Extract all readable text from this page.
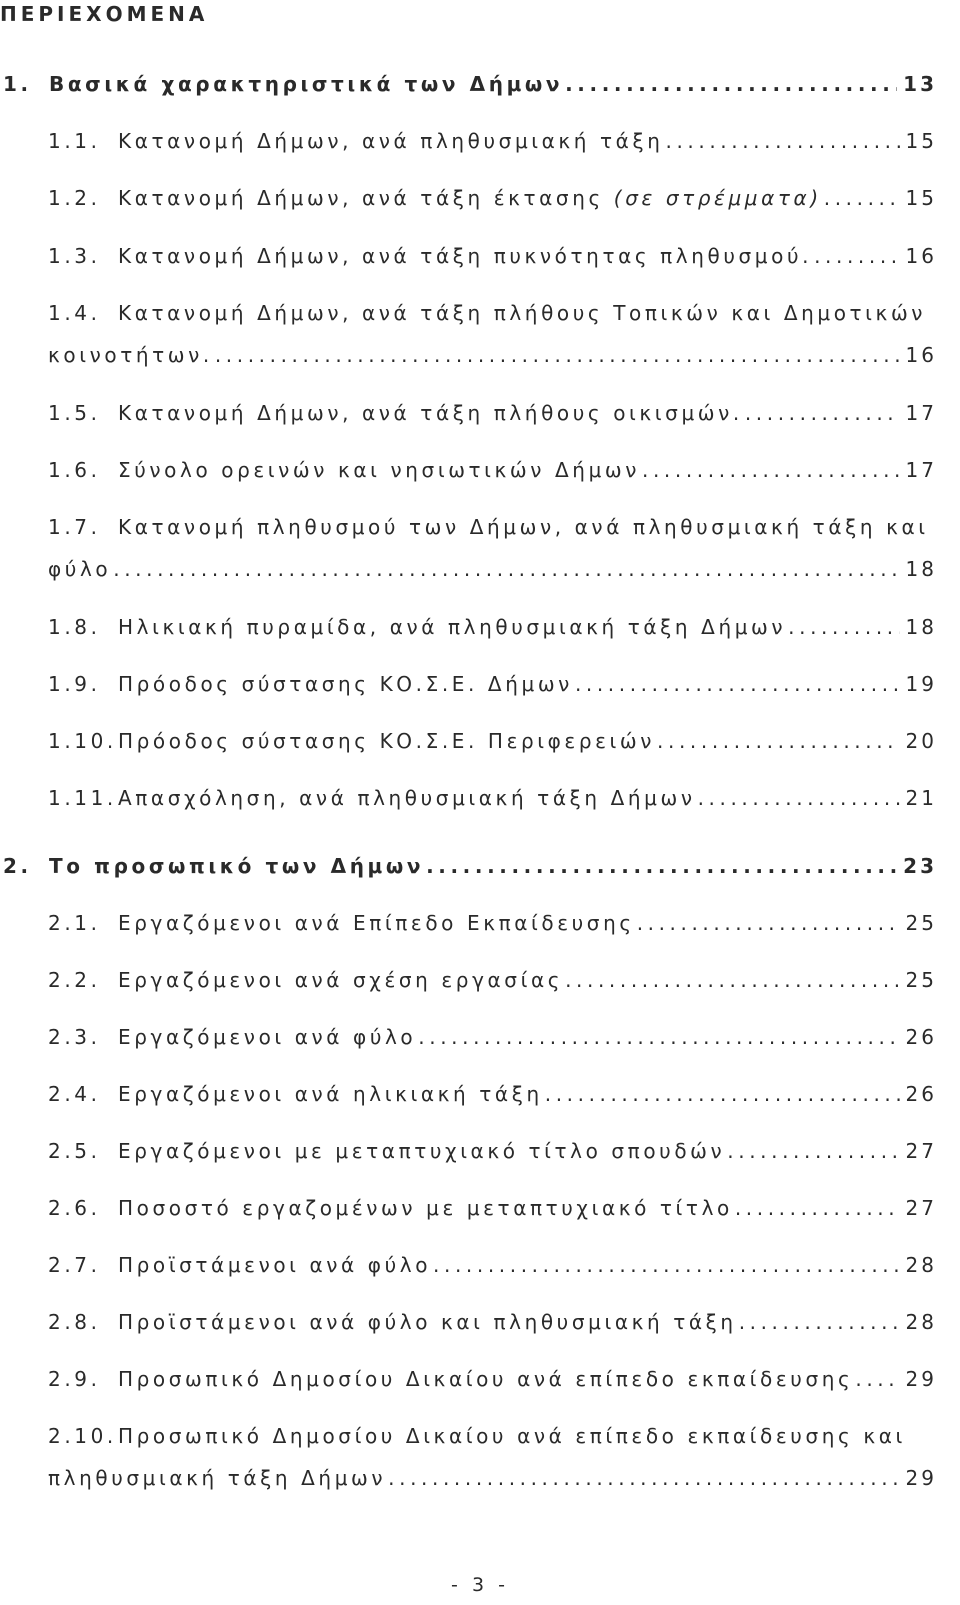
ΠΕΡΙΕΧΟΜΕΝΑ
1. Βασικά χαρακτηριστικά των Δήμων .....	13
1.1. Κατανομή Δήμων, ανά πληθυσμιακή τάξη .....	15
1.2. Κατανομή Δήμων, ανά τάξη έκτασης (σε στρέμματα) .....	15
1.3. Κατανομή Δήμων, ανά τάξη πυκνότητας πληθυσμού. .....	16
1.4. Κατανομή Δήμων, ανά τάξη πλήθους Τοπικών και Δημοτικών
κοινοτήτων. .....	16
1.5. Κατανομή Δήμων, ανά τάξη πλήθους οικισμών. .....	17
1.6. Σύνολο ορεινών και νησιωτικών Δήμων .....	17
1.7. Κατανομή πληθυσμού των Δήμων, ανά πληθυσμιακή τάξη και
φύλο .....	18
1.8. Ηλικιακή πυραμίδα, ανά πληθυσμιακή τάξη Δήμων .....	18
1.9. Πρόοδος σύστασης ΚΟ.Σ.Ε. Δήμων .....	19
1.10. Πρόοδος σύστασης ΚΟ.Σ.Ε. Περιφερειών .....	20
1.11. Απασχόληση, ανά πληθυσμιακή τάξη Δήμων .....	21
2. Το προσωπικό των Δήμων .....	23
2.1. Εργαζόμενοι ανά Επίπεδο Εκπαίδευσης .....	25
2.2. Εργαζόμενοι ανά σχέση εργασίας .....	25
2.3. Εργαζόμενοι ανά φύλο .....	26
2.4. Εργαζόμενοι ανά ηλικιακή τάξη .....	26
2.5. Εργαζόμενοι με μεταπτυχιακό τίτλο σπουδών .....	27
2.6. Ποσοστό εργαζομένων με μεταπτυχιακό τίτλο .....	27
2.7. Προϊστάμενοι ανά φύλο .....	28
2.8. Προϊστάμενοι ανά φύλο και πληθυσμιακή τάξη .....	28
2.9. Προσωπικό Δημοσίου Δικαίου ανά επίπεδο εκπαίδευσης .....	29
2.10. Προσωπικό Δημοσίου Δικαίου ανά επίπεδο εκπαίδευσης και
πληθυσμιακή τάξη Δήμων .....	29
- 3 -
